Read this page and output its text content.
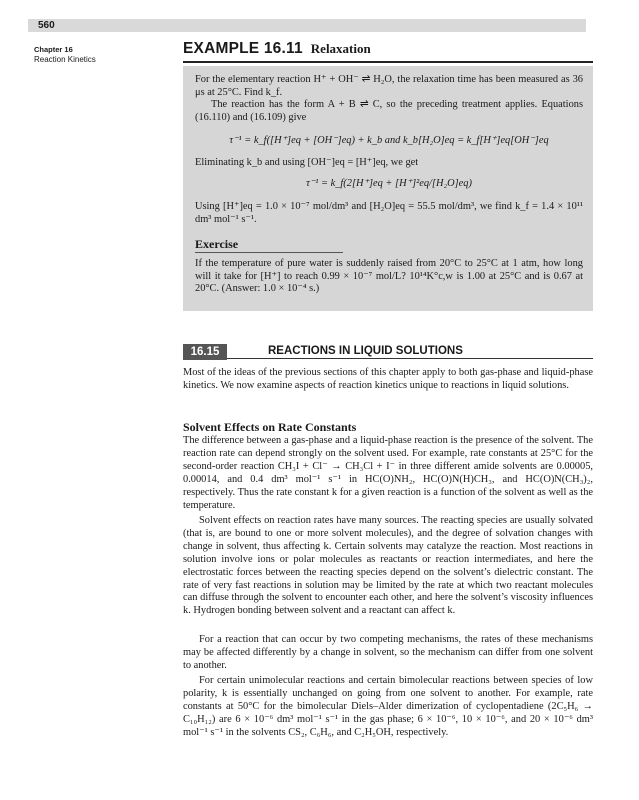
560
Chapter 16
Reaction Kinetics
EXAMPLE 16.11 Relaxation

For the elementary reaction H⁺ + OH⁻ ⇌ H₂O, the relaxation time has been measured as 36 μs at 25°C. Find k_f.

The reaction has the form A + B ⇌ C, so the preceding treatment applies. Equations (16.110) and (16.109) give

τ⁻¹ = k_f([H⁺]eq + [OH⁻]eq) + k_b and k_b[H₂O]eq = k_f[H⁺]eq[OH⁻]eq

Eliminating k_b and using [OH⁻]eq = [H⁺]eq, we get

τ⁻¹ = k_f(2[H⁺]eq + [H⁺]²eq/[H₂O]eq)

Using [H⁺]eq = 1.0 × 10⁻⁷ mol/dm³ and [H₂O]eq = 55.5 mol/dm³, we find k_f = 1.4 × 10¹¹ dm³ mol⁻¹ s⁻¹.

Exercise

If the temperature of pure water is suddenly raised from 20°C to 25°C at 1 atm, how long will it take for [H⁺] to reach 0.99 × 10⁻⁷ mol/L? 10¹⁴K°c,w is 1.00 at 25°C and is 0.67 at 20°C. (Answer: 1.0 × 10⁻⁴ s.)

16.15	REACTIONS IN LIQUID SOLUTIONS

Most of the ideas of the previous sections of this chapter apply to both gas-phase and liquid-phase kinetics. We now examine aspects of reaction kinetics unique to reactions in liquid solutions.

Solvent Effects on Rate Constants

The difference between a gas-phase and a liquid-phase reaction is the presence of the solvent. The reaction rate can depend strongly on the solvent used. For example, rate constants at 25°C for the second-order reaction CH₃I + Cl⁻ → CH₃Cl + I⁻ in three different amide solvents are 0.00005, 0.00014, and 0.4 dm³ mol⁻¹ s⁻¹ in HC(O)NH₂, HC(O)N(H)CH₃, and HC(O)N(CH₃)₂, respectively. Thus the rate constant k for a given reaction is a function of the solvent as well as the temperature.

Solvent effects on reaction rates have many sources. The reacting species are usually solvated (that is, are bound to one or more solvent molecules), and the degree of solvation changes with change in solvent, thus affecting k. Certain solvents may catalyze the reaction. Most reactions in solution involve ions or polar molecules as reactants or reaction intermediates, and here the electrostatic forces between the reacting species depend on the solvent’s dielectric constant. The rate of very fast reactions in solution may be limited by the rate at which two reactant molecules can diffuse through the solvent to encounter each other, and here the solvent’s viscosity influences k. Hydrogen bonding between solvent and a reactant can affect k.

For a reaction that can occur by two competing mechanisms, the rates of these mechanisms may be affected differently by a change in solvent, so the mechanism can differ from one solvent to another.

For certain unimolecular reactions and certain bimolecular reactions between species of low polarity, k is essentially unchanged on going from one solvent to another. For example, rate constants at 50°C for the bimolecular Diels–Alder dimerization of cyclopentadiene (2C₅H₆ → C₁₀H₁₂) are 6 × 10⁻⁶ dm³ mol⁻¹ s⁻¹ in the gas phase; 6 × 10⁻⁶, 10 × 10⁻⁶, and 20 × 10⁻⁶ dm³ mol⁻¹ s⁻¹ in the solvents CS₂, C₆H₆, and C₂H₅OH, respectively.
